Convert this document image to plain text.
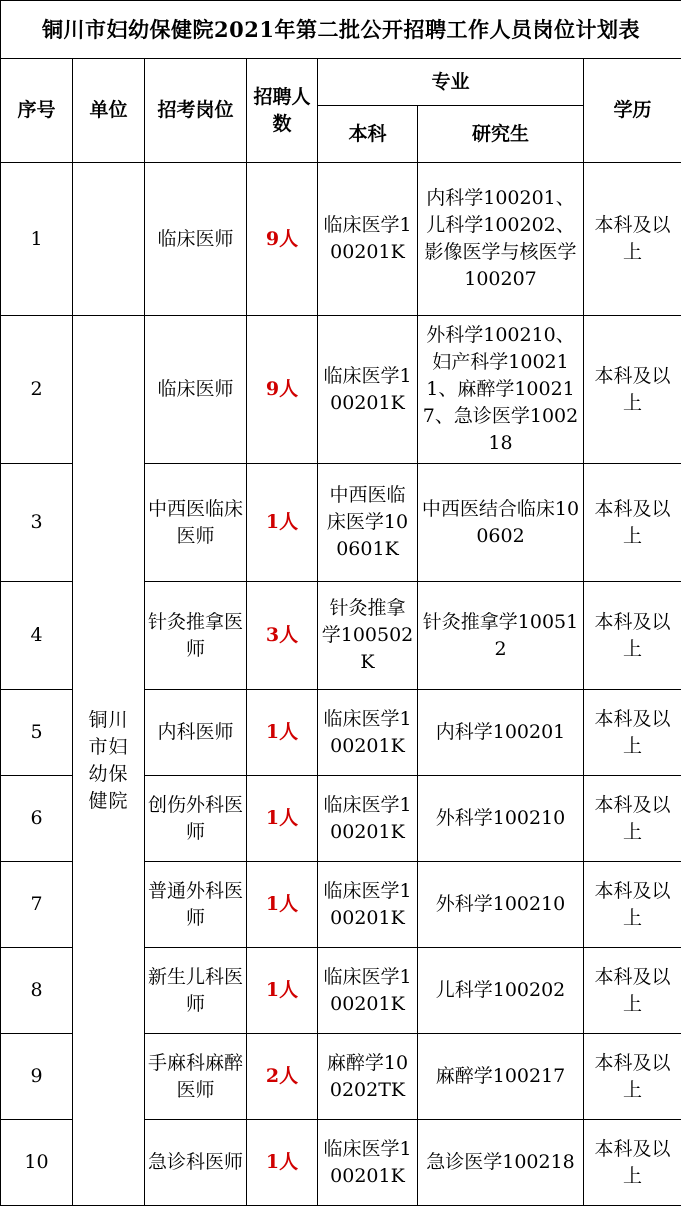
铜川市妇幼保健院2021年第二批公开招聘工作人员岗位计划表						
序号	单位	招考岗位	招聘人数	专业		学历
				本科	研究生	
1		临床医师	9人	临床医学100201K	内科学100201、儿科学100202、影像医学与核医学100207	本科及以上
2	铜川市妇幼保健院	临床医师	9人	临床医学100201K	外科学100210、妇产科学100211、麻醉学100217、急诊医学100218	本科及以上
3		中西医临床医师	1人	中西医临床医学100601K	中西医结合临床100602	本科及以上
4		针灸推拿医师	3人	针灸推拿学100502K	针灸推拿学100512	本科及以上
5		内科医师	1人	临床医学100201K	内科学100201	本科及以上
6		创伤外科医师	1人	临床医学100201K	外科学100210	本科及以上
7		普通外科医师	1人	临床医学100201K	外科学100210	本科及以上
8		新生儿科医师	1人	临床医学100201K	儿科学100202	本科及以上
9		手麻科麻醉医师	2人	麻醉学100202TK	麻醉学100217	本科及以上
10		急诊科医师	1人	临床医学100201K	急诊医学100218	本科及以上
